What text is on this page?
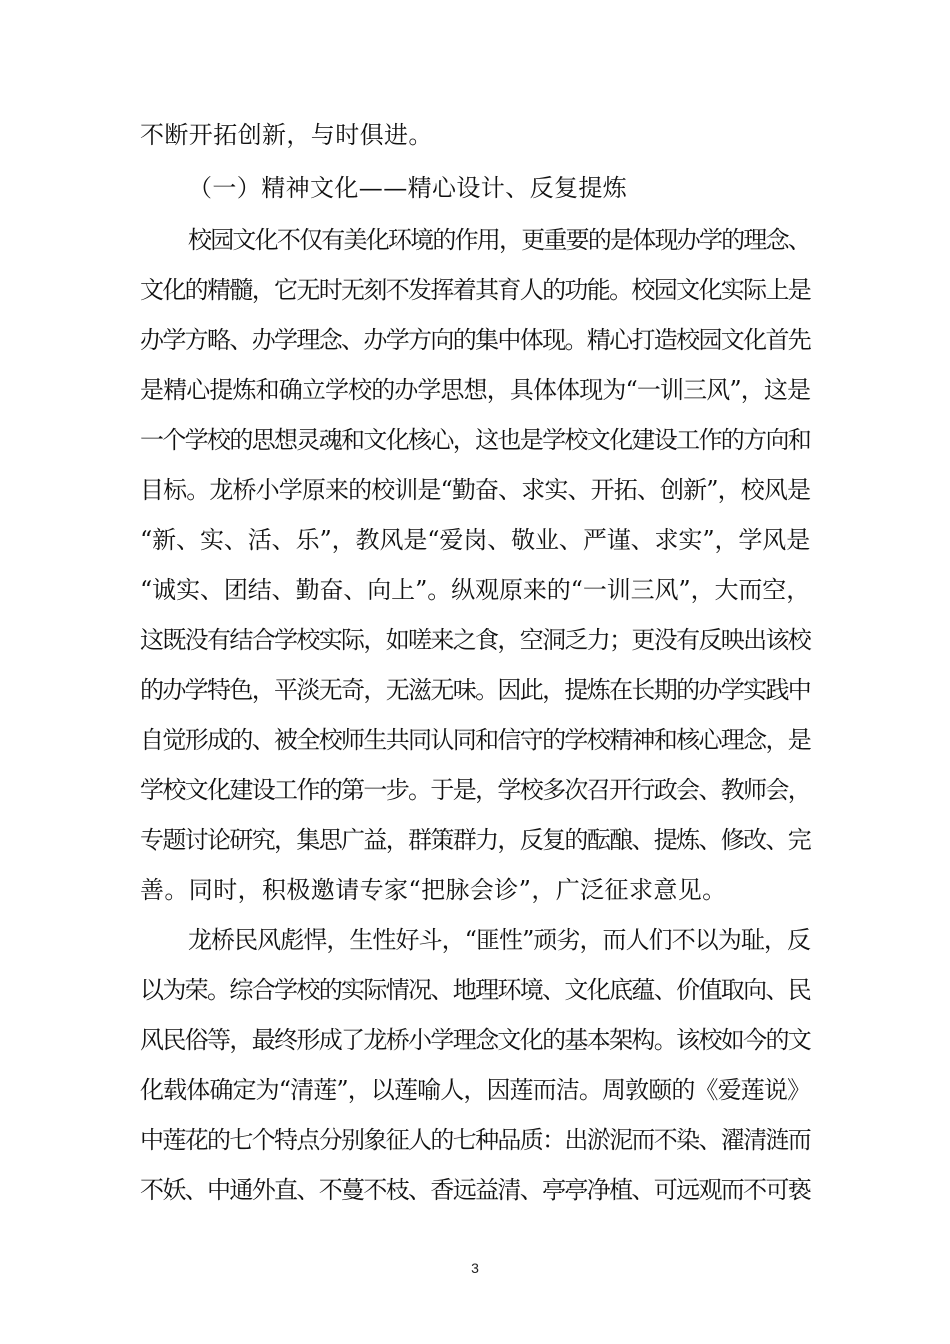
不断开拓创新，与时俱进。
（一）精神文化——精心设计、反复提炼
校园文化不仅有美化环境的作用，更重要的是体现办学的理念、
文化的精髓，它无时无刻不发挥着其育人的功能。校园文化实际上是
办学方略、办学理念、办学方向的集中体现。精心打造校园文化首先
是精心提炼和确立学校的办学思想，具体体现为“一训三风”，这是
一个学校的思想灵魂和文化核心，这也是学校文化建设工作的方向和
目标。龙桥小学原来的校训是“勤奋、求实、开拓、创新”，校风是
“新、实、活、乐”，教风是“爱岗、敬业、严谨、求实”，学风是
“诚实、团结、勤奋、向上”。纵观原来的“一训三风”，大而空，
这既没有结合学校实际，如嗟来之食，空洞乏力；更没有反映出该校
的办学特色，平淡无奇，无滋无味。因此，提炼在长期的办学实践中
自觉形成的、被全校师生共同认同和信守的学校精神和核心理念，是
学校文化建设工作的第一步。于是，学校多次召开行政会、教师会，
专题讨论研究，集思广益，群策群力，反复的酝酿、提炼、修改、完
善。同时，积极邀请专家“把脉会诊”，广泛征求意见。
龙桥民风彪悍，生性好斗，“匪性”顽劣，而人们不以为耻，反
以为荣。综合学校的实际情况、地理环境、文化底蕴、价值取向、民
风民俗等，最终形成了龙桥小学理念文化的基本架构。该校如今的文
化载体确定为“清莲”，以莲喻人，因莲而洁。周敦颐的《爱莲说》
中莲花的七个特点分别象征人的七种品质：出淤泥而不染、濯清涟而
不妖、中通外直、不蔓不枝、香远益清、亭亭净植、可远观而不可亵
3
